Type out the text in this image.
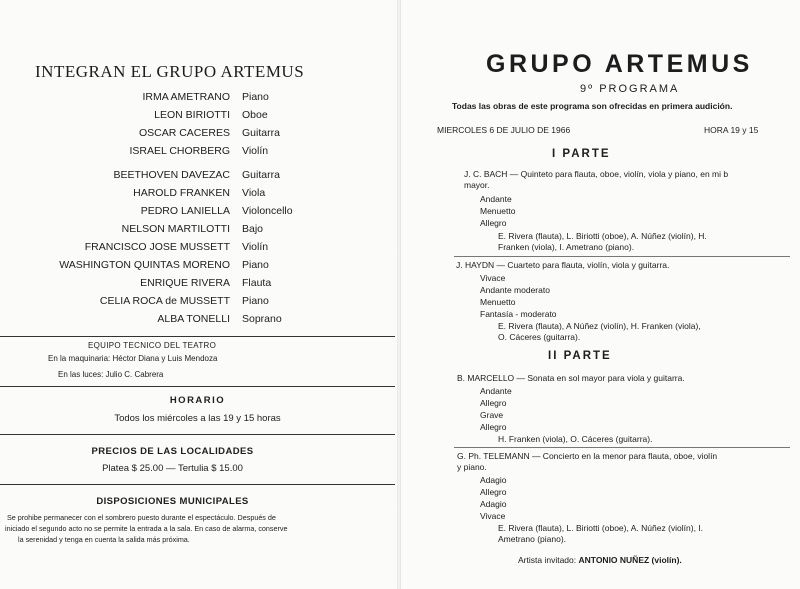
INTEGRAN EL GRUPO ARTEMUS
IRMA AMETRANO Piano
LEON BIRIOTTI Oboe
OSCAR CACERES Guitarra
ISRAEL CHORBERG Violín
BEETHOVEN DAVEZAC Guitarra
HAROLD FRANKEN Viola
PEDRO LANIELLA Violoncello
NELSON MARTILOTTI Bajo
FRANCISCO JOSE MUSSETT Violín
WASHINGTON QUINTAS MORENO Piano
ENRIQUE RIVERA Flauta
CELIA ROCA de MUSSETT Piano
ALBA TONELLI Soprano
EQUIPO TECNICO DEL TEATRO
En la maquinaria: Héctor Diana y Luis Mendoza
En las luces: Julio C. Cabrera
HORARIO
Todos los miércoles a las 19 y 15 horas
PRECIOS DE LAS LOCALIDADES
Platea $ 25.00 — Tertulia $ 15.00
DISPOSICIONES MUNICIPALES
Se prohibe permanecer con el sombrero puesto durante el espectáculo. Después de
iniciado el segundo acto no se permite la entrada a la sala. En caso de alarma, conserve
la serenidad y tenga en cuenta la salida más próxima.
GRUPO ARTEMUS
9º PROGRAMA
Todas las obras de este programa son ofrecidas en primera audición.
MIERCOLES 6 DE JULIO DE 1966	HORA 19 y 15
I PARTE
J. C. BACH — Quinteto para flauta, oboe, violín, viola y piano, en mi b
mayor.
Andante
Menuetto
Allegro
E. Rivera (flauta), L. Biriotti (oboe), A. Núñez (violín), H.
Franken (viola), I. Ametrano (piano).
J. HAYDN — Cuarteto para flauta, violín, viola y guitarra.
Vivace
Andante moderato
Menuetto
Fantasía - moderato
E. Rivera (flauta), A Núñez (violín), H. Franken (viola),
O. Cáceres (guitarra).
II PARTE
B. MARCELLO — Sonata en sol mayor para viola y guitarra.
Andante
Allegro
Grave
Allegro
H. Franken (viola), O. Cáceres (guitarra).
G. Ph. TELEMANN — Concierto en la menor para flauta, oboe, violín
y piano.
Adagio
Allegro
Adagio
Vivace
E. Rivera (flauta), L. Biriotti (oboe), A. Núñez (violín), I.
Ametrano (piano).
Artista invitado: ANTONIO NUÑEZ (violín).
